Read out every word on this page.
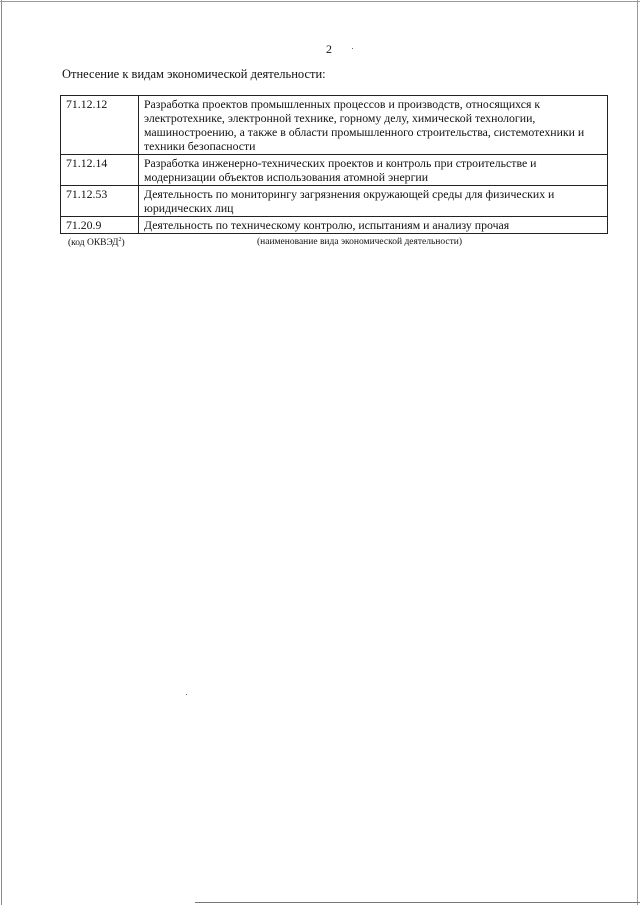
2
Отнесение к видам экономической деятельности:
71.12.12	Разработка проектов промышленных процессов и производств, относящихся к электротехнике, электронной технике, горному делу, химической технологии, машиностроению, а также в области промышленного строительства, системотехники и техники безопасности
71.12.14	Разработка инженерно-технических проектов и контроль при строительстве и модернизации объектов использования атомной энергии
71.12.53	Деятельность по мониторингу загрязнения окружающей среды для физических и юридических лиц
71.20.9	Деятельность по техническому контролю, испытаниям и анализу прочая
(код ОКВЭД$^2$)	(наименование вида экономической деятельности)
